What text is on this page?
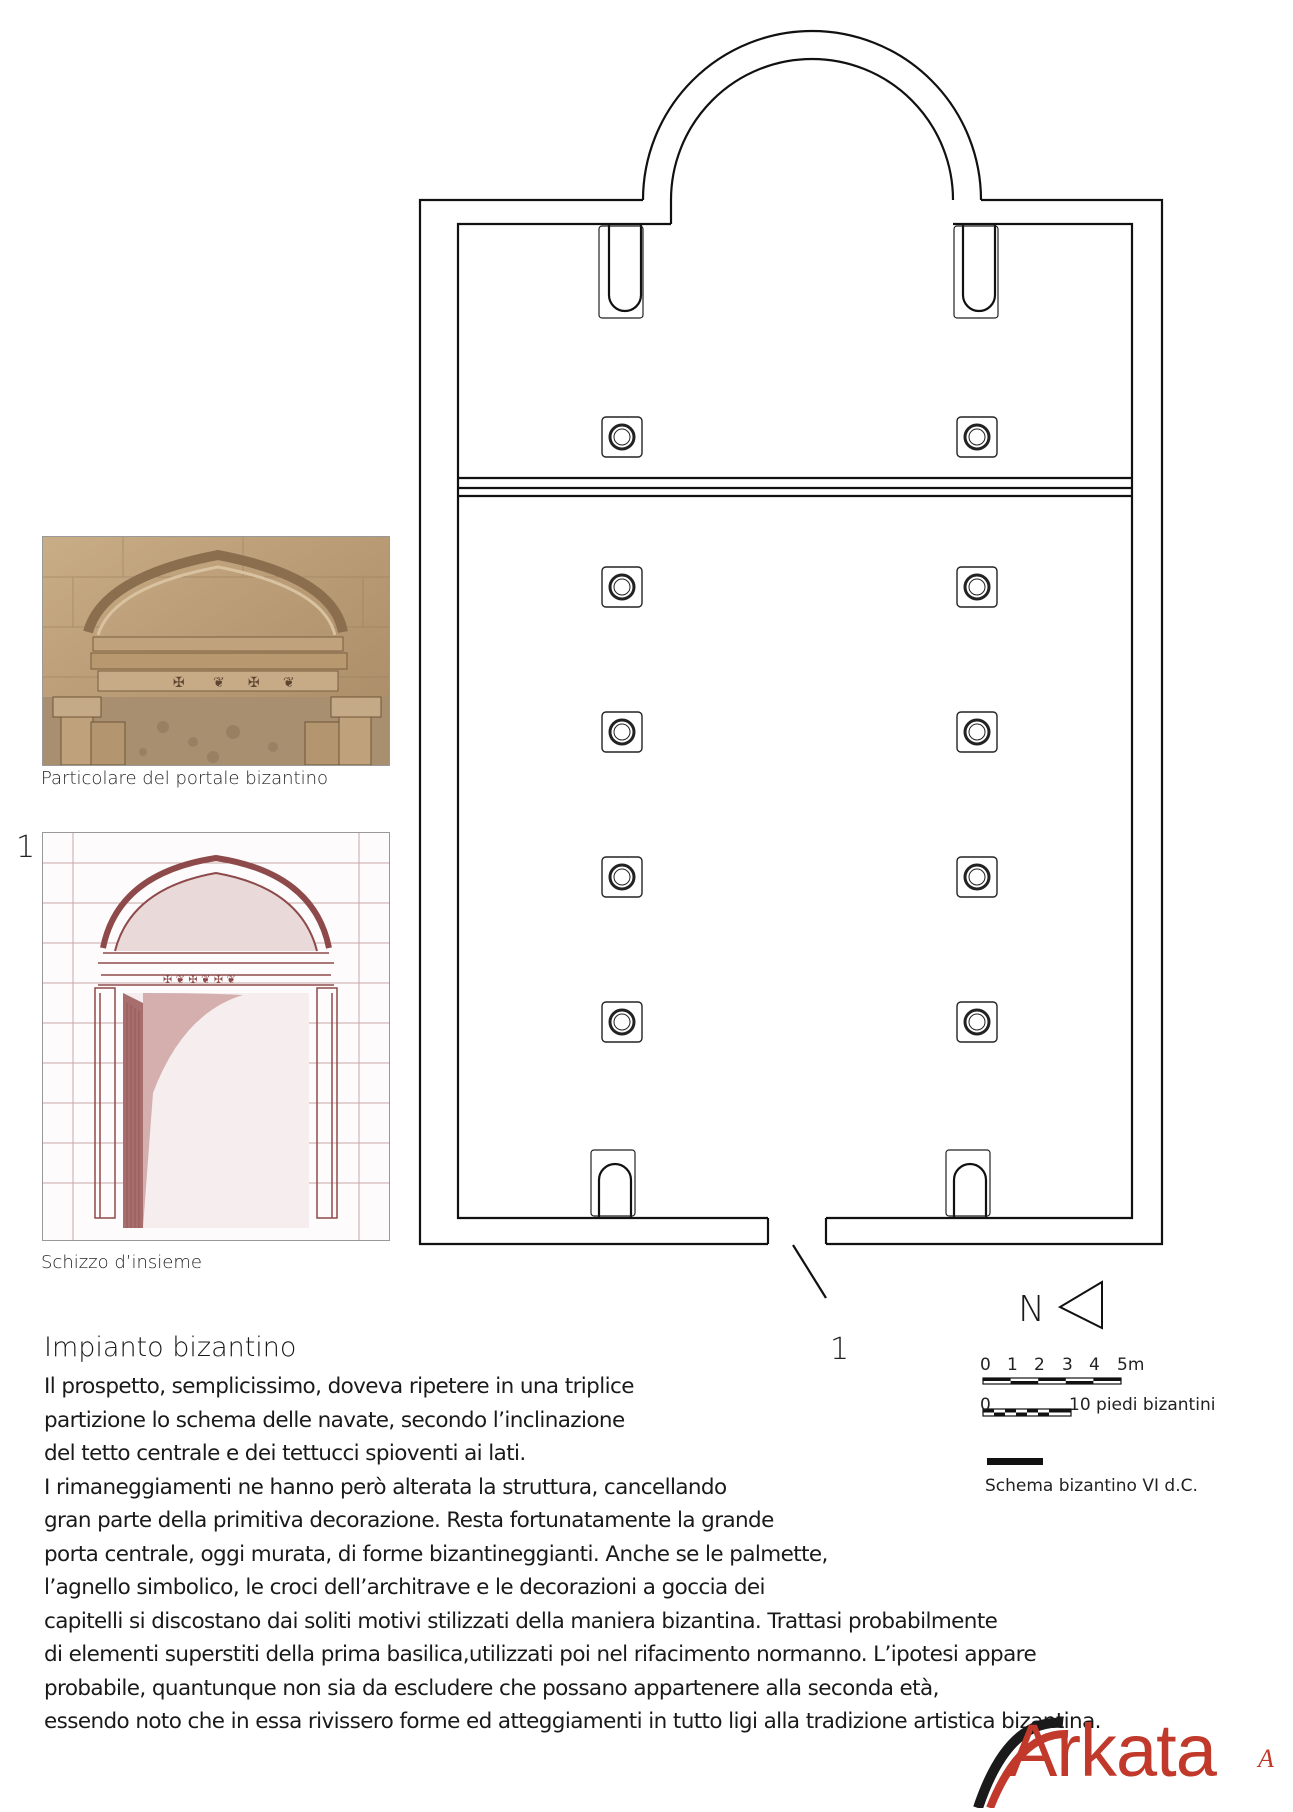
✠ ❦ ✠ ❦
Particolare del portale bizantino
1
✠ ❦ ✠ ❦ ✠ ❦
Schizzo d’insieme
1
N
0 1 2 3 4 5m
0	10 piedi bizantini
Schema bizantino VI d.C.
Impianto bizantino
Il prospetto, semplicissimo, doveva ripetere in una triplice
partizione lo schema delle navate, secondo l’inclinazione
del tetto centrale e dei tettucci spioventi ai lati.
I rimaneggiamenti ne hanno però alterata la struttura, cancellando
gran parte della primitiva decorazione. Resta fortunatamente la grande
porta centrale, oggi murata, di forme bizantineggianti. Anche se le palmette,
l’agnello simbolico, le croci dell’architrave e le decorazioni a goccia dei
capitelli si discostano dai soliti motivi stilizzati della maniera bizantina. Trattasi probabilmente
di elementi superstiti della prima basilica,utilizzati poi nel rifacimento normanno. L’ipotesi appare
probabile, quantunque non sia da escludere che possano appartenere alla seconda età,
essendo noto che in essa rivissero forme ed atteggiamenti in tutto ligi alla tradizione artistica bizantina.
Arkata A
